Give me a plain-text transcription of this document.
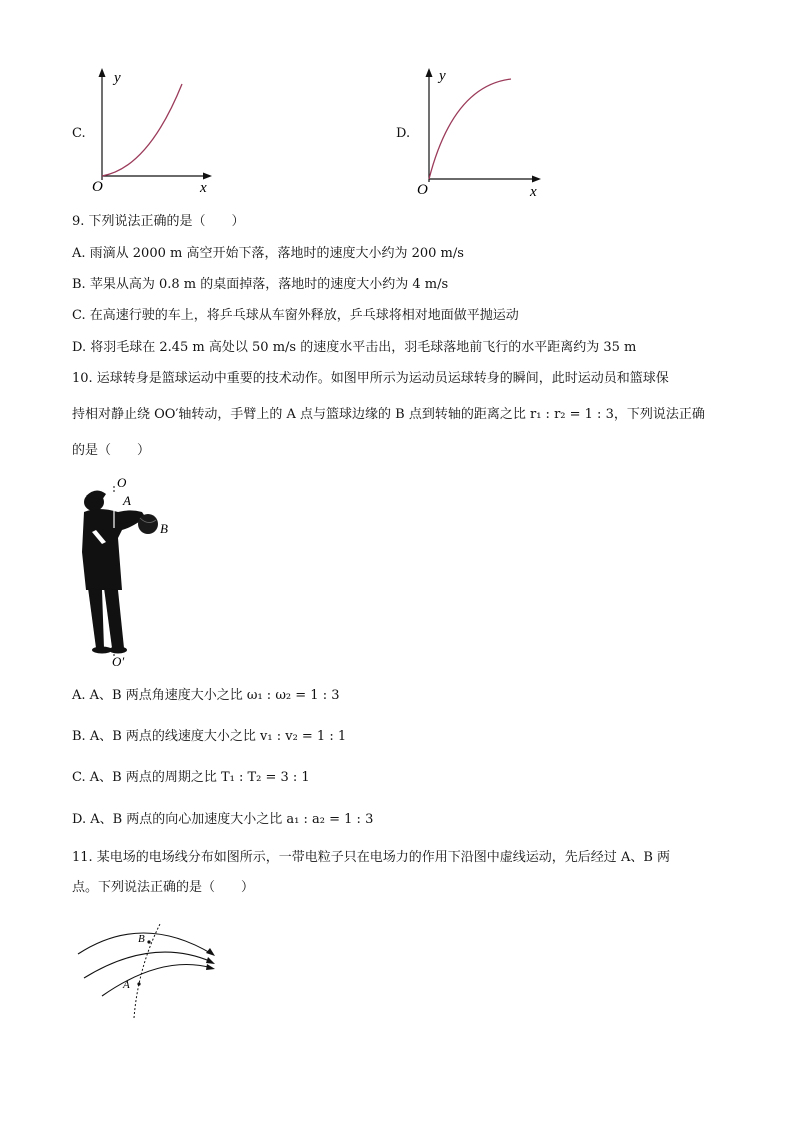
C.
y
x
O
D.
y
x
O
9. 下列说法正确的是（　　）
A. 雨滴从 2000 m 高空开始下落，落地时的速度大小约为 200 m/s
B. 苹果从高为 0.8 m 的桌面掉落，落地时的速度大小约为 4 m/s
C. 在高速行驶的车上，将乒乓球从车窗外释放，乒乓球将相对地面做平抛运动
D. 将羽毛球在 2.45 m 高处以 50 m/s 的速度水平击出，羽毛球落地前飞行的水平距离约为 35 m
10. 运球转身是篮球运动中重要的技术动作。如图甲所示为运动员运球转身的瞬间，此时运动员和篮球保
持相对静止绕 OO′轴转动，手臂上的 A 点与篮球边缘的 B 点到转轴的距离之比 r₁ : r₂ = 1 : 3，下列说法正确
的是（　　）
O
A
B
O′
A. A、B 两点角速度大小之比 ω₁ : ω₂ = 1 : 3
B. A、B 两点的线速度大小之比 v₁ : v₂ = 1 : 1
C. A、B 两点的周期之比 T₁ : T₂ = 3 : 1
D. A、B 两点的向心加速度大小之比 a₁ : a₂ = 1 : 3
11. 某电场的电场线分布如图所示，一带电粒子只在电场力的作用下沿图中虚线运动，先后经过 A、B 两
点。下列说法正确的是（　　）
A
B
